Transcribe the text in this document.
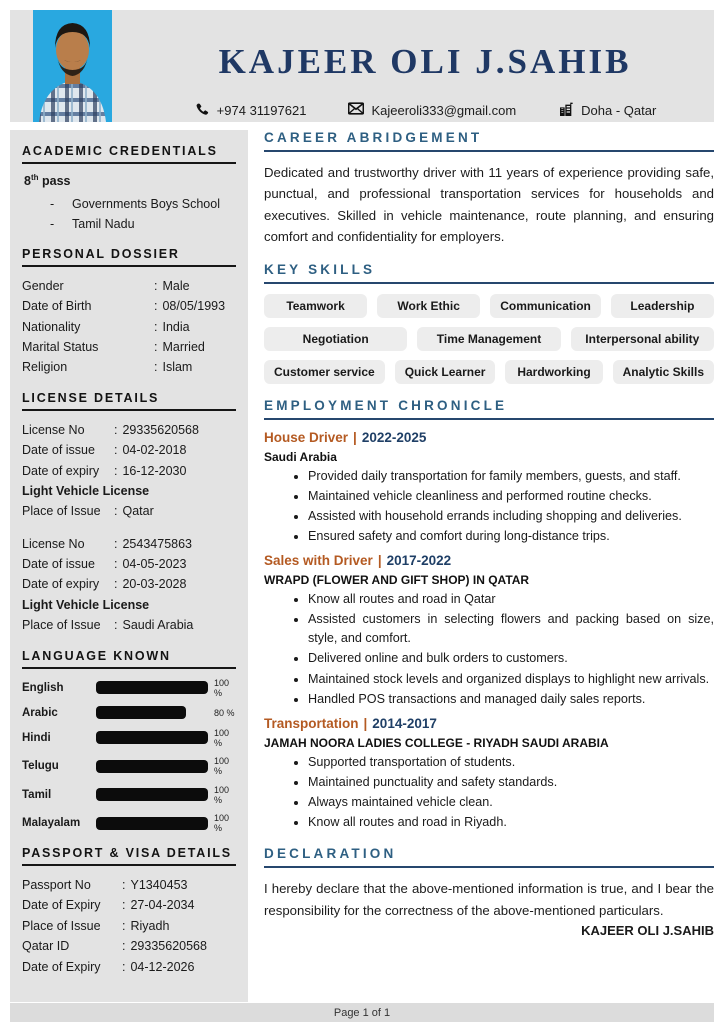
KAJEER OLI J.SAHIB
+974 31197621	Kajeeroli333@gmail.com	Doha - Qatar
ACADEMIC CREDENTIALS
8th pass
-	Governments Boys School
-	Tamil Nadu
PERSONAL DOSSIER
Gender	: Male
Date of Birth	: 08/05/1993
Nationality	: India
Marital Status	: Married
Religion	: Islam
LICENSE DETAILS
License No	: 29335620568
Date of issue	: 04-02-2018
Date of expiry	: 16-12-2030
Light Vehicle License
Place of Issue	: Qatar
License No	: 2543475863
Date of issue	: 04-05-2023
Date of expiry	: 20-03-2028
Light Vehicle License
Place of Issue	: Saudi Arabia
LANGUAGE KNOWN
English	100 %
Arabic	80 %
Hindi	100 %
Telugu	100 %
Tamil	100 %
Malayalam	100 %
PASSPORT & VISA DETAILS
Passport No	: Y1340453
Date of Expiry	: 27-04-2034
Place of Issue	: Riyadh
Qatar ID	: 29335620568
Date of Expiry	: 04-12-2026
CAREER ABRIDGEMENT
Dedicated and trustworthy driver with 11 years of experience providing safe, punctual, and professional transportation services for households and executives. Skilled in vehicle maintenance, route planning, and ensuring comfort and confidentiality for employers.
KEY SKILLS
Teamwork	Work Ethic	Communication	Leadership
Negotiation	Time Management	Interpersonal ability
Customer service	Quick Learner	Hardworking	Analytic Skills
EMPLOYMENT CHRONICLE
House Driver | 2022-2025
Saudi Arabia
• Provided daily transportation for family members, guests, and staff.
• Maintained vehicle cleanliness and performed routine checks.
• Assisted with household errands including shopping and deliveries.
• Ensured safety and comfort during long-distance trips.
Sales with Driver | 2017-2022
WRAPD (FLOWER AND GIFT SHOP) IN QATAR
• Know all routes and road in Qatar
• Assisted customers in selecting flowers and packing based on size, style, and comfort.
• Delivered online and bulk orders to customers.
• Maintained stock levels and organized displays to highlight new arrivals.
• Handled POS transactions and managed daily sales reports.
Transportation | 2014-2017
JAMAH NOORA LADIES COLLEGE - RIYADH SAUDI ARABIA
• Supported transportation of students.
• Maintained punctuality and safety standards.
• Always maintained vehicle clean.
• Know all routes and road in Riyadh.
DECLARATION
I hereby declare that the above-mentioned information is true, and I bear the responsibility for the correctness of the above-mentioned particulars.
KAJEER OLI J.SAHIB
Page 1 of 1
